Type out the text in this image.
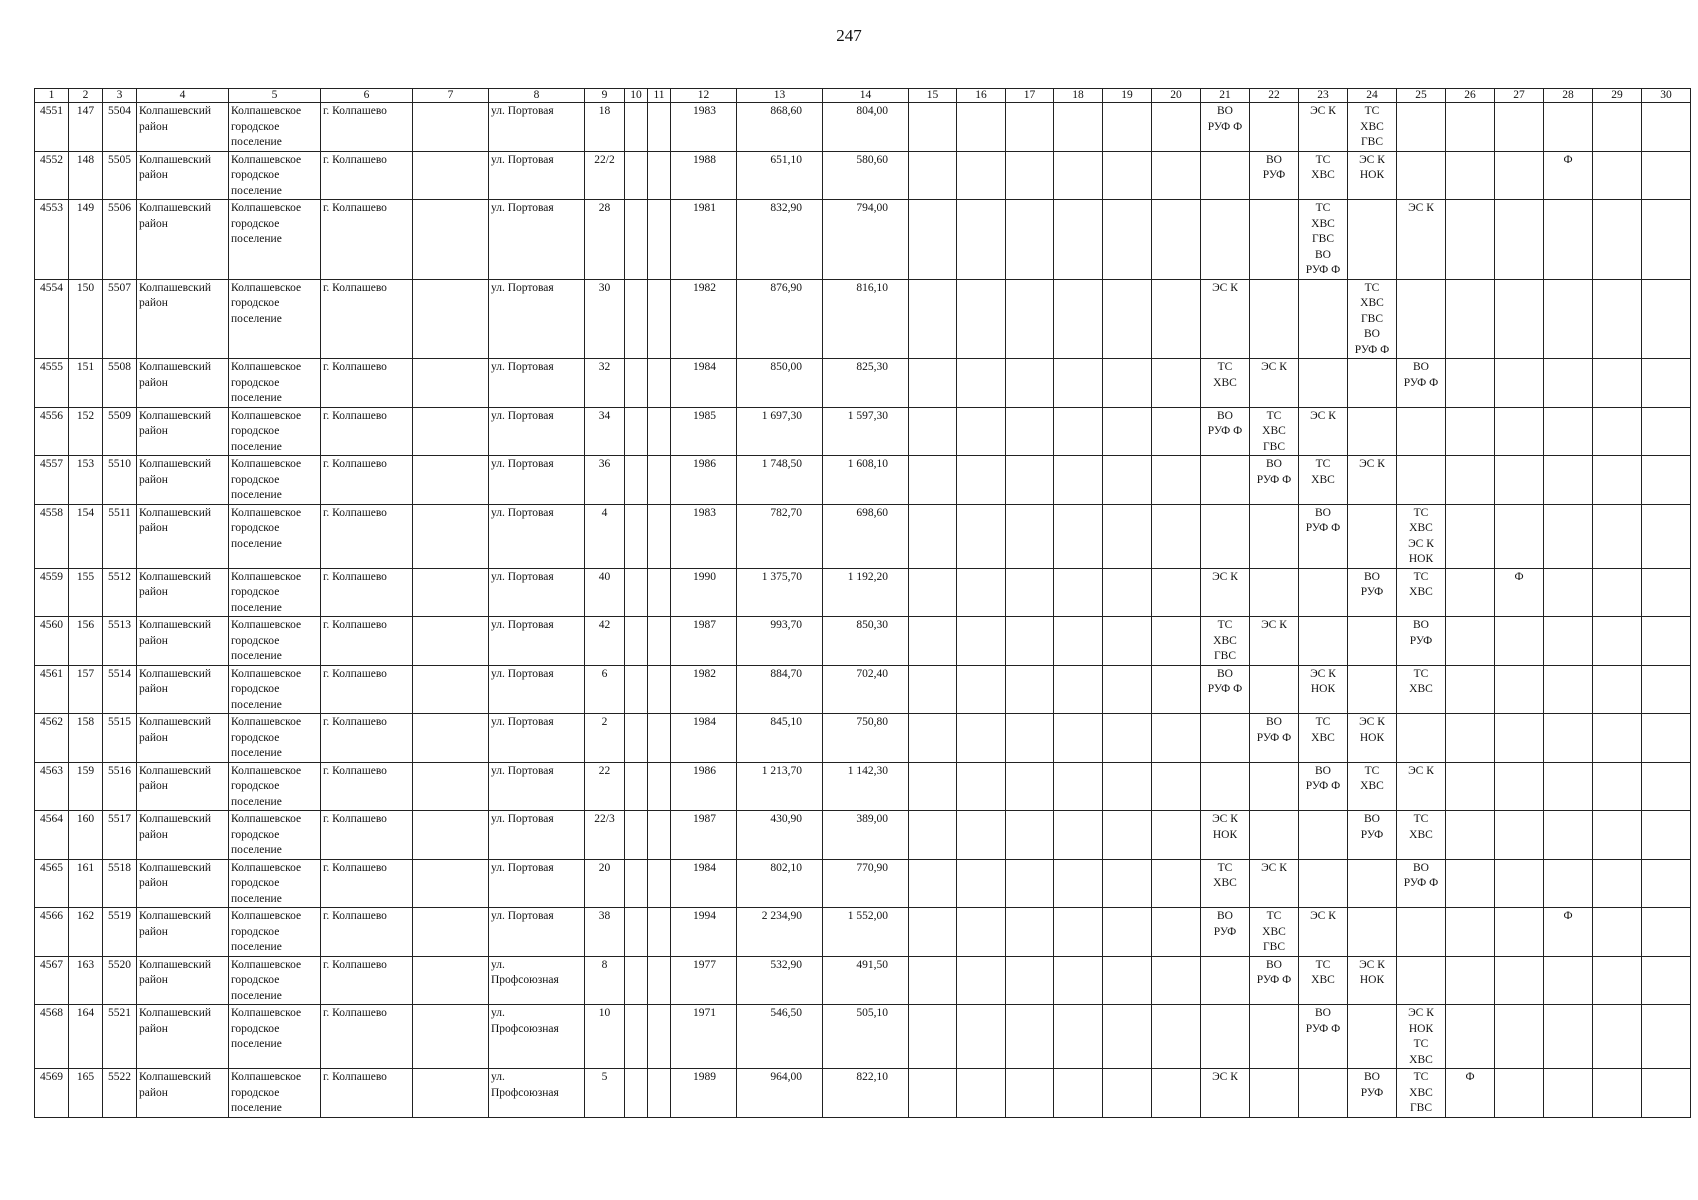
247
1	2	3	4	5	6	7	8	9	10	11	12	13	14	15	16	17	18	19	20	21	22	23	24	25	26	27	28	29	30
4551	147	5504	Колпашевский
район	Колпашевское
городское
поселение	г. Колпашево		ул. Портовая	18			1983	868,60	804,00							ВО
РУФ Ф		ЭС К	ТС
ХВС
ГВС						

4552	148	5505	Колпашевский
район	Колпашевское
городское
поселение	г. Колпашево		ул. Портовая	22/2			1988	651,10	580,60								ВО
РУФ	ТС
ХВС	ЭС К
НОК				Ф		
4553	149	5506	Колпашевский
район	Колпашевское
городское
поселение	г. Колпашево		ул. Портовая	28			1981	832,90	794,00									ТС
ХВС
ГВС
ВО
РУФ Ф		ЭС К					

4554	150	5507	Колпашевский
район	Колпашевское
городское
поселение	г. Колпашево		ул. Портовая	30			1982	876,90	816,10							ЭС К			ТС
ХВС
ГВС
ВО
РУФ Ф						

4555	151	5508	Колпашевский
район	Колпашевское
городское
поселение	г. Колпашево		ул. Портовая	32			1984	850,00	825,30							ТС
ХВС	ЭС К			ВО
РУФ Ф					

4556	152	5509	Колпашевский
район	Колпашевское
городское
поселение	г. Колпашево		ул. Портовая	34			1985	1 697,30	1 597,30							ВО
РУФ Ф	ТС
ХВС
ГВС	ЭС К							

4557	153	5510	Колпашевский
район	Колпашевское
городское
поселение	г. Колпашево		ул. Портовая	36			1986	1 748,50	1 608,10								ВО
РУФ Ф	ТС
ХВС	ЭС К						

4558	154	5511	Колпашевский
район	Колпашевское
городское
поселение	г. Колпашево		ул. Портовая	4			1983	782,70	698,60									ВО
РУФ Ф		ТС
ХВС
ЭС К
НОК					

4559	155	5512	Колпашевский
район	Колпашевское
городское
поселение	г. Колпашево		ул. Портовая	40			1990	1 375,70	1 192,20							ЭС К			ВО
РУФ	ТС
ХВС		Ф			
4560	156	5513	Колпашевский
район	Колпашевское
городское
поселение	г. Колпашево		ул. Портовая	42			1987	993,70	850,30							ТС
ХВС
ГВС	ЭС К			ВО
РУФ					

4561	157	5514	Колпашевский
район	Колпашевское
городское
поселение	г. Колпашево		ул. Портовая	6			1982	884,70	702,40							ВО
РУФ Ф		ЭС К
НОК		ТС
ХВС					

4562	158	5515	Колпашевский
район	Колпашевское
городское
поселение	г. Колпашево		ул. Портовая	2			1984	845,10	750,80								ВО
РУФ Ф	ТС
ХВС	ЭС К
НОК						

4563	159	5516	Колпашевский
район	Колпашевское
городское
поселение	г. Колпашево		ул. Портовая	22			1986	1 213,70	1 142,30									ВО
РУФ Ф	ТС
ХВС	ЭС К					

4564	160	5517	Колпашевский
район	Колпашевское
городское
поселение	г. Колпашево		ул. Портовая	22/3			1987	430,90	389,00							ЭС К
НОК			ВО
РУФ	ТС
ХВС					

4565	161	5518	Колпашевский
район	Колпашевское
городское
поселение	г. Колпашево		ул. Портовая	20			1984	802,10	770,90							ТС
ХВС	ЭС К			ВО
РУФ Ф					

4566	162	5519	Колпашевский
район	Колпашевское
городское
поселение	г. Колпашево		ул. Портовая	38			1994	2 234,90	1 552,00							ВО
РУФ	ТС
ХВС
ГВС	ЭС К					Ф		
4567	163	5520	Колпашевский
район	Колпашевское
городское
поселение	г. Колпашево		ул.
Профсоюзная	8			1977	532,90	491,50								ВО
РУФ Ф	ТС
ХВС	ЭС К
НОК						

4568	164	5521	Колпашевский
район	Колпашевское
городское
поселение	г. Колпашево		ул.
Профсоюзная	10			1971	546,50	505,10									ВО
РУФ Ф		ЭС К
НОК
ТС
ХВС					

4569	165	5522	Колпашевский
район	Колпашевское
городское
поселение	г. Колпашево		ул.
Профсоюзная	5			1989	964,00	822,10							ЭС К			ВО
РУФ	ТС
ХВС
ГВС	Ф				
